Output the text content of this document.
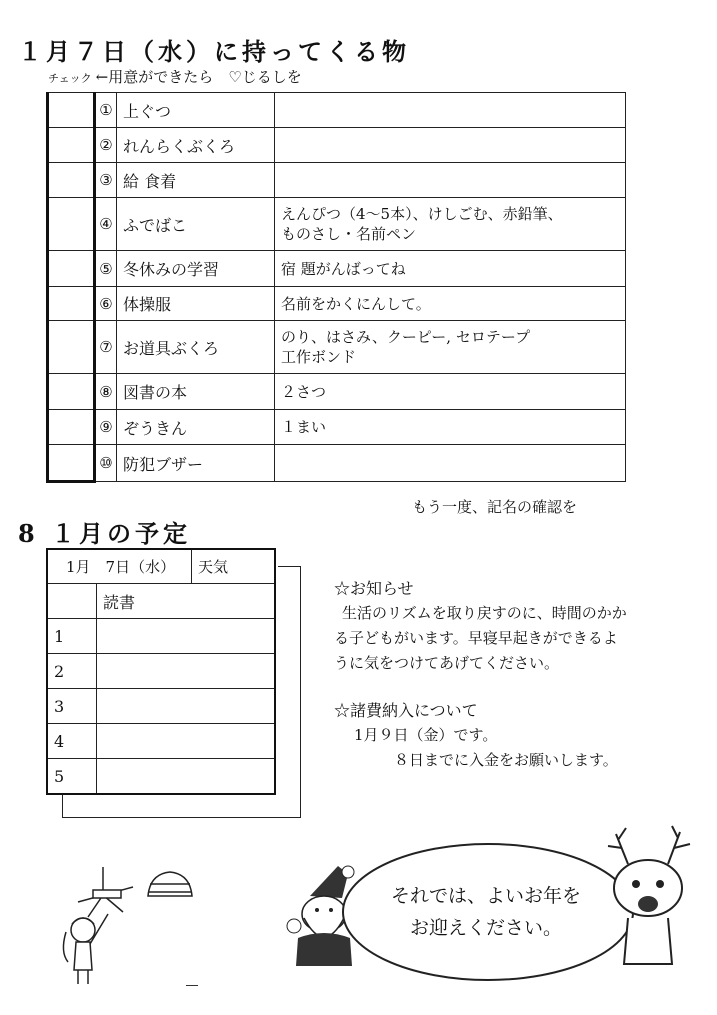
１月７日（水）に持ってくる物
チェック ←用意ができたら　♡じるしを
	①	上ぐつ	

	②	れんらくぶくろ	

	③	給 食着	

	④	ふでばこ	えんぴつ（4～5本）、けしごむ、赤鉛筆、
ものさし・名前ペン

	⑤	冬休みの学習	宿 題がんばってね

	⑥	体操服	名前をかくにんして。

	⑦	お道具ぶくろ	のり、はさみ、クーピー, セロテープ
工作ボンド

	⑧	図書の本	２さつ

	⑨	ぞうきん	１まい

	⑩	防犯ブザー	
もう一度、記名の確認を
8 １月の予定
1月　7日（水）		天気
	読書	
1		
2		
3		
4		
5		

☆お知らせ

生活のリズムを取り戻すのに、時間のかか

る子どもがいます。早寝早起きができるよ

うに気をつけてあげてください。

☆諸費納入について

1月９日（金）です。

８日までに入金をお願いします。

それでは、よいお年を
お迎えください。
